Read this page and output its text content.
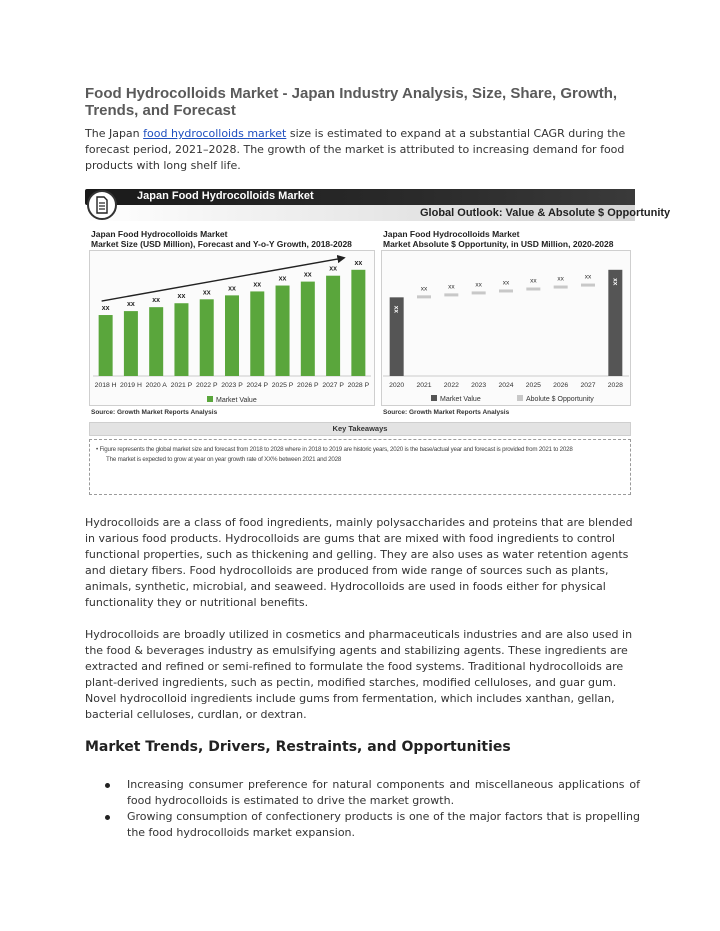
Food Hydrocolloids Market - Japan Industry Analysis, Size, Share, Growth, Trends, and Forecast

The Japan food hydrocolloids market size is estimated to expand at a substantial CAGR during the forecast period, 2021–2028. The growth of the market is attributed to increasing demand for food products with long shelf life.

Japan Food Hydrocolloids Market
Global Outlook: Value & Absolute $ Opportunity
Japan Food Hydrocolloids Market
Market Size (USD Million), Forecast and Y-o-Y Growth, 2018-2028
Japan Food Hydrocolloids Market
Market Absolute $ Opportunity, in USD Million, 2020-2028
xx
2018 H
xx
2019 H
xx
2020 A
xx
2021 P
xx
2022 P
xx
2023 P
xx
2024 P
xx
2025 P
xx
2026 P
xx
2027 P
xx
2028 P
Market Value
Source: Growth Market Reports Analysis
xx
2020
xx
2021
xx
2022
xx
2023
xx
2024
xx
2025
xx
2026
xx
2027
xx
2028
Market Value	Abolute $ Opportunity
Source: Growth Market Reports Analysis
Key Takeaways
• Figure represents the global market size and forecast from 2018 to 2028 where in 2018 to 2019 are historic years, 2020 is the base/actual year and forecast is provided from 2021 to 2028
The market is expected to grow at year on year growth rate of XX% between 2021 and 2028

Hydrocolloids are a class of food ingredients, mainly polysaccharides and proteins that are blended in various food products. Hydrocolloids are gums that are mixed with food ingredients to control functional properties, such as thickening and gelling. They are also uses as water retention agents and dietary fibers. Food hydrocolloids are produced from wide range of sources such as plants, animals, synthetic, microbial, and seaweed. Hydrocolloids are used in foods either for physical functionality they or nutritional benefits.

Hydrocolloids are broadly utilized in cosmetics and pharmaceuticals industries and are also used in the food & beverages industry as emulsifying agents and stabilizing agents. These ingredients are extracted and refined or semi-refined to formulate the food systems. Traditional hydrocolloids are plant-derived ingredients, such as pectin, modified starches, modified celluloses, and guar gum. Novel hydrocolloid ingredients include gums from fermentation, which includes xanthan, gellan, bacterial celluloses, curdlan, or dextran.

Market Trends, Drivers, Restraints, and Opportunities
Increasing consumer preference for natural components and miscellaneous applications of food hydrocolloids is estimated to drive the market growth.
Growing consumption of confectionery products is one of the major factors that is propelling the food hydrocolloids market expansion.
